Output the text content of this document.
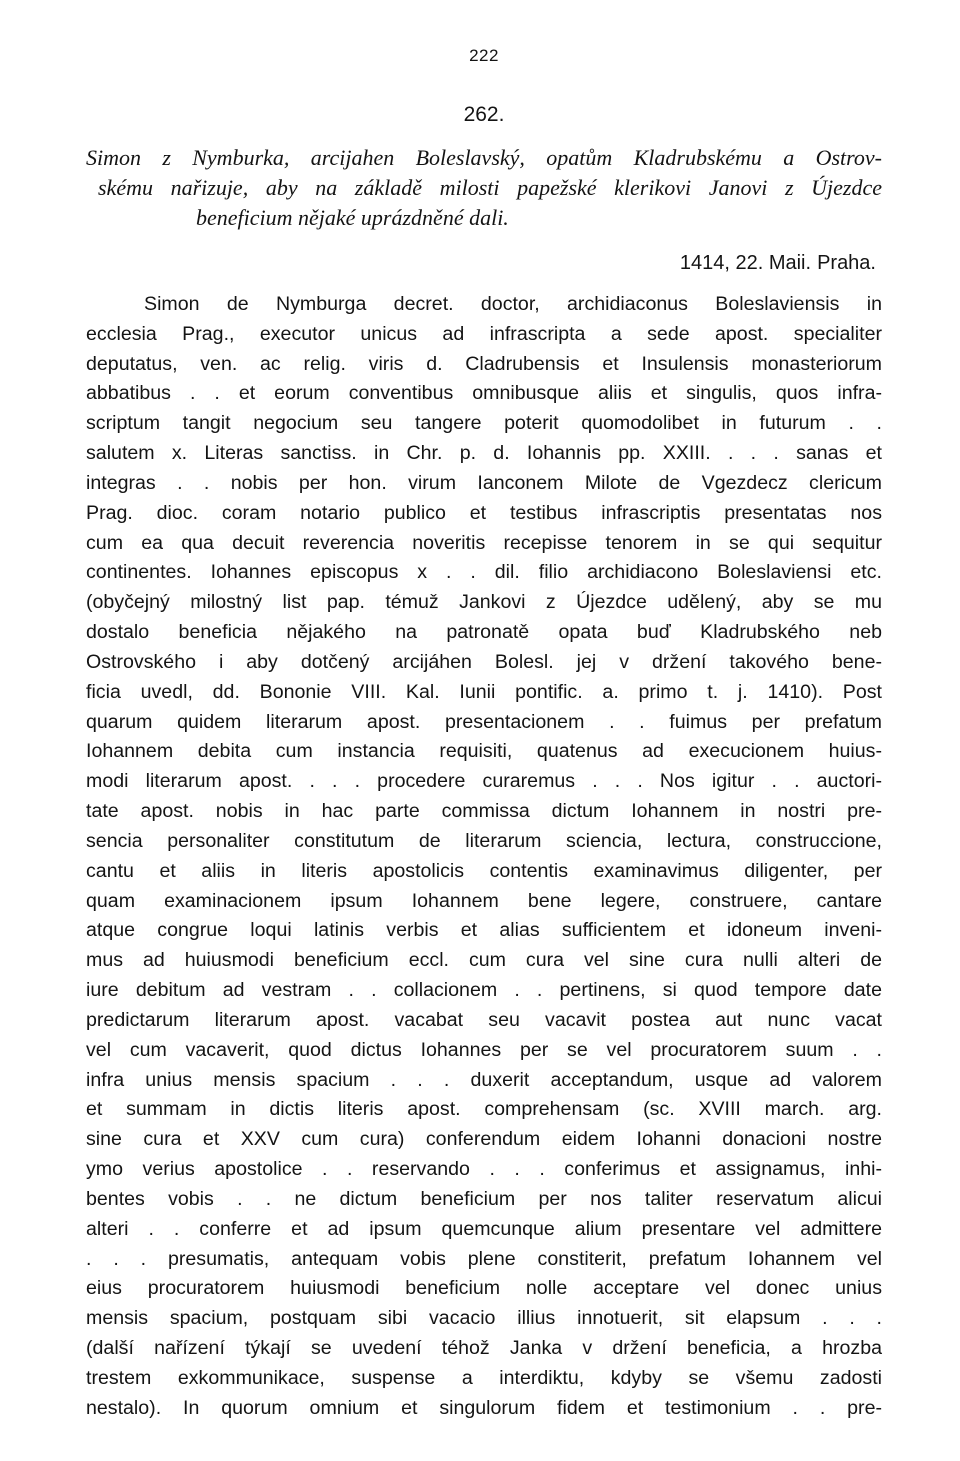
222
262.
Simon z Nymburka, arcijahen Boleslavský, opatům Kladrubskému a Ostrov-
skému nařizuje, aby na základě milosti papežské klerikovi Janovi z Újezdce
beneficium nějaké uprázdněné dali.
1414, 22. Maii. Praha.
Simon de Nymburga decret. doctor, archidiaconus Boleslaviensis in
ecclesia Prag., executor unicus ad infrascripta a sede apost. specialiter
deputatus, ven. ac relig. viris d. Cladrubensis et Insulensis monasteriorum
abbatibus . . et eorum conventibus omnibusque aliis et singulis, quos infra-
scriptum tangit negocium seu tangere poterit quomodolibet in futurum . .
salutem x. Literas sanctiss. in Chr. p. d. Iohannis pp. XXIII. . . . sanas et
integras . . nobis per hon. virum Ianconem Milote de Vgezdecz clericum
Prag. dioc. coram notario publico et testibus infrascriptis presentatas nos
cum ea qua decuit reverencia noveritis recepisse tenorem in se qui sequitur
continentes. Iohannes episcopus x . . dil. filio archidiacono Boleslaviensi etc.
(obyčejný milostný list pap. témuž Jankovi z Újezdce udělený, aby se mu
dostalo beneficia nějakého na patronatě opata buď Kladrubského neb
Ostrovského i aby dotčený arcijáhen Bolesl. jej v držení takového bene-
ficia uvedl, dd. Bononie VIII. Kal. Iunii pontific. a. primo t. j. 1410). Post
quarum quidem literarum apost. presentacionem . . fuimus per prefatum
Iohannem debita cum instancia requisiti, quatenus ad execucionem huius-
modi literarum apost. . . . procedere curaremus . . . Nos igitur . . auctori-
tate apost. nobis in hac parte commissa dictum Iohannem in nostri pre-
sencia personaliter constitutum de literarum sciencia, lectura, construccione,
cantu et aliis in literis apostolicis contentis examinavimus diligenter, per
quam examinacionem ipsum Iohannem bene legere, construere, cantare
atque congrue loqui latinis verbis et alias sufficientem et idoneum inveni-
mus ad huiusmodi beneficium eccl. cum cura vel sine cura nulli alteri de
iure debitum ad vestram . . collacionem . . pertinens, si quod tempore date
predictarum literarum apost. vacabat seu vacavit postea aut nunc vacat
vel cum vacaverit, quod dictus Iohannes per se vel procuratorem suum . .
infra unius mensis spacium . . . duxerit acceptandum, usque ad valorem
et summam in dictis literis apost. comprehensam (sc. XVIII march. arg.
sine cura et XXV cum cura) conferendum eidem Iohanni donacioni nostre
ymo verius apostolice . . reservando . . . conferimus et assignamus, inhi-
bentes vobis . . ne dictum beneficium per nos taliter reservatum alicui
alteri . . conferre et ad ipsum quemcunque alium presentare vel admittere
. . . presumatis, antequam vobis plene constiterit, prefatum Iohannem vel
eius procuratorem huiusmodi beneficium nolle acceptare vel donec unius
mensis spacium, postquam sibi vacacio illius innotuerit, sit elapsum . . .
(další nařízení týkají se uvedení téhož Janka v držení beneficia, a hrozba
trestem exkommunikace, suspense a interdiktu, kdyby se všemu zadosti
nestalo). In quorum omnium et singulorum fidem et testimonium . . pre-
